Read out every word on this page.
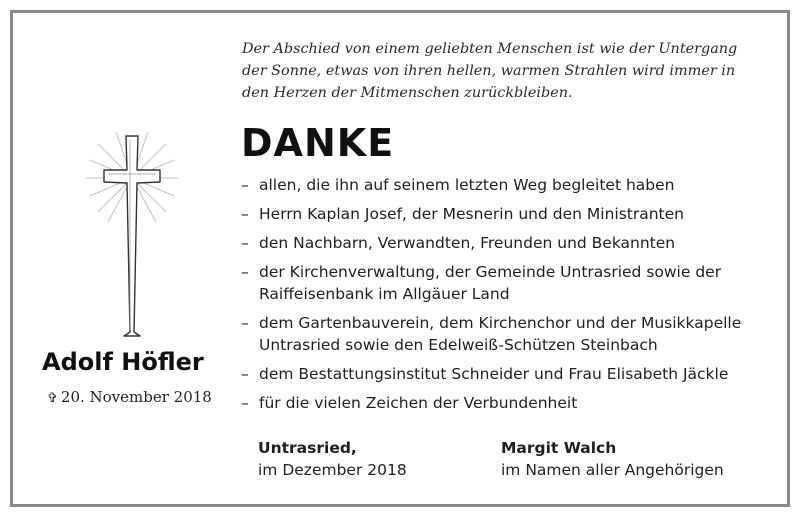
Der Abschied von einem geliebten Menschen ist wie der Untergang
der Sonne, etwas von ihren hellen, warmen Strahlen wird immer in
den Herzen der Mitmenschen zurückbleiben.
DANKE
– allen, die ihn auf seinem letzten Weg begleitet haben
– Herrn Kaplan Josef, der Mesnerin und den Ministranten
– den Nachbarn, Verwandten, Freunden und Bekannten
– der Kirchenverwaltung, der Gemeinde Untrasried sowie der
Raiffeisenbank im Allgäuer Land
– dem Gartenbauverein, dem Kirchenchor und der Musikkapelle
Untrasried sowie den Edelweiß-Schützen Steinbach
– dem Bestattungsinstitut Schneider und Frau Elisabeth Jäckle
– für die vielen Zeichen der Verbundenheit
Adolf Höfler
✞ 20. November 2018
Untrasried,
im Dezember 2018
Margit Walch
im Namen aller Angehörigen
